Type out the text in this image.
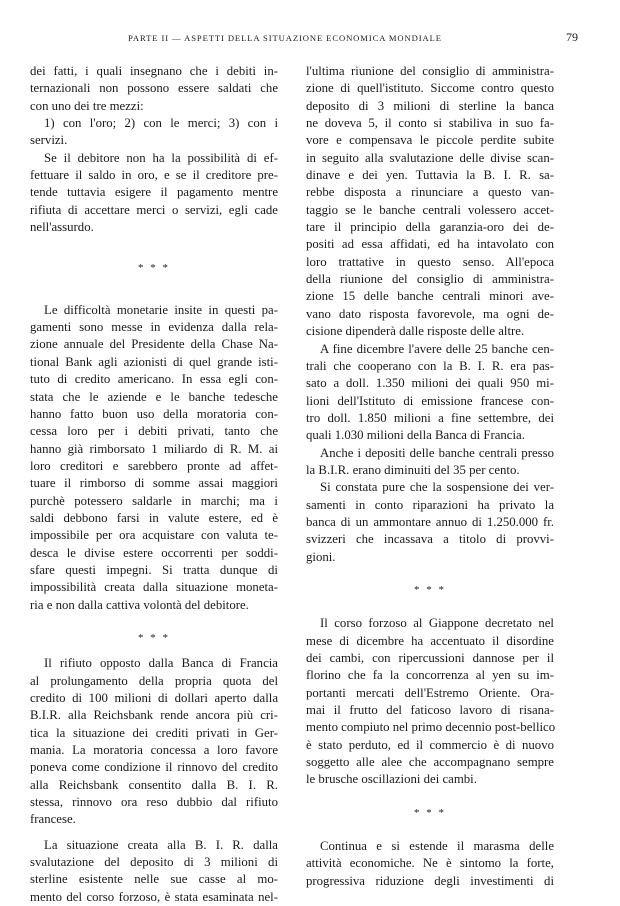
PARTE II — ASPETTI DELLA SITUAZIONE ECONOMICA MONDIALE	79
dei fatti, i quali insegnano che i debiti in-
ternazionali non possono essere saldati che
con uno dei tre mezzi:
1) con l'oro; 2) con le merci; 3) con i
servizi.
Se il debitore non ha la possibilità di ef-
fettuare il saldo in oro, e se il creditore pre-
tende tuttavia esigere il pagamento mentre
rifiuta di accettare merci o servizi, egli cade
nell'assurdo.
* * *
Le difficoltà monetarie insite in questi pa-
gamenti sono messe in evidenza dalla rela-
zione annuale del Presidente della Chase Na-
tional Bank agli azionisti di quel grande isti-
tuto di credito americano. In essa egli con-
stata che le aziende e le banche tedesche
hanno fatto buon uso della moratoria con-
cessa loro per i debiti privati, tanto che
hanno già rimborsato 1 miliardo di R. M. ai
loro creditori e sarebbero pronte ad affet-
tuare il rimborso di somme assai maggiori
purchè potessero saldarle in marchi; ma i
saldi debbono farsi in valute estere, ed è
impossibile per ora acquistare con valuta te-
desca le divise estere occorrenti per soddi-
sfare questi impegni. Si tratta dunque di
impossibilità creata dalla situazione moneta-
ria e non dalla cattiva volontà del debitore.
* * *
Il rifiuto opposto dalla Banca di Francia
al prolungamento della propria quota del
credito di 100 milioni di dollari aperto dalla
B.I.R. alla Reichsbank rende ancora più cri-
tica la situazione dei crediti privati in Ger-
mania. La moratoria concessa a loro favore
poneva come condizione il rinnovo del credito
alla Reichsbank consentito dalla B. I. R.
stessa, rinnovo ora reso dubbio dal rifiuto
francese.
La situazione creata alla B. I. R. dalla
svalutazione del deposito di 3 milioni di
sterline esistente nelle sue casse al mo-
mento del corso forzoso, è stata esaminata nel-
l'ultima riunione del consiglio di amministra-
zione di quell'istituto. Siccome contro questo
deposito di 3 milioni di sterline la banca
ne doveva 5, il conto si stabiliva in suo fa-
vore e compensava le piccole perdite subite
in seguito alla svalutazione delle divise scan-
dinave e dei yen. Tuttavia la B. I. R. sa-
rebbe disposta a rinunciare a questo van-
taggio se le banche centrali volessero accet-
tare il principio della garanzia-oro dei de-
positi ad essa affidati, ed ha intavolato con
loro trattative in questo senso. All'epoca
della riunione del consiglio di amministra-
zione 15 delle banche centrali minori ave-
vano dato risposta favorevole, ma ogni de-
cisione dipenderà dalle risposte delle altre.
A fine dicembre l'avere delle 25 banche cen-
trali che cooperano con la B. I. R. era pas-
sato a doll. 1.350 milioni dei quali 950 mi-
lioni dell'Istituto di emissione francese con-
tro doll. 1.850 milioni a fine settembre, dei
quali 1.030 milioni della Banca di Francia.
Anche i depositi delle banche centrali presso
la B.I.R. erano diminuiti del 35 per cento.
Si constata pure che la sospensione dei ver-
samenti in conto riparazioni ha privato la
banca di un ammontare annuo di 1.250.000 fr.
svizzeri che incassava a titolo di provvi-
gioni.
* * *
Il corso forzoso al Giappone decretato nel
mese di dicembre ha accentuato il disordine
dei cambi, con ripercussioni dannose per il
florino che fa la concorrenza al yen su im-
portanti mercati dell'Estremo Oriente. Ora-
mai il frutto del faticoso lavoro di risana-
mento compiuto nel primo decennio post-bellico
è stato perduto, ed il commercio è di nuovo
soggetto alle alee che accompagnano sempre
le brusche oscillazioni dei cambi.
* * *
Continua e si estende il marasma delle
attività economiche. Ne è sintomo la forte,
progressiva riduzione degli investimenti di
